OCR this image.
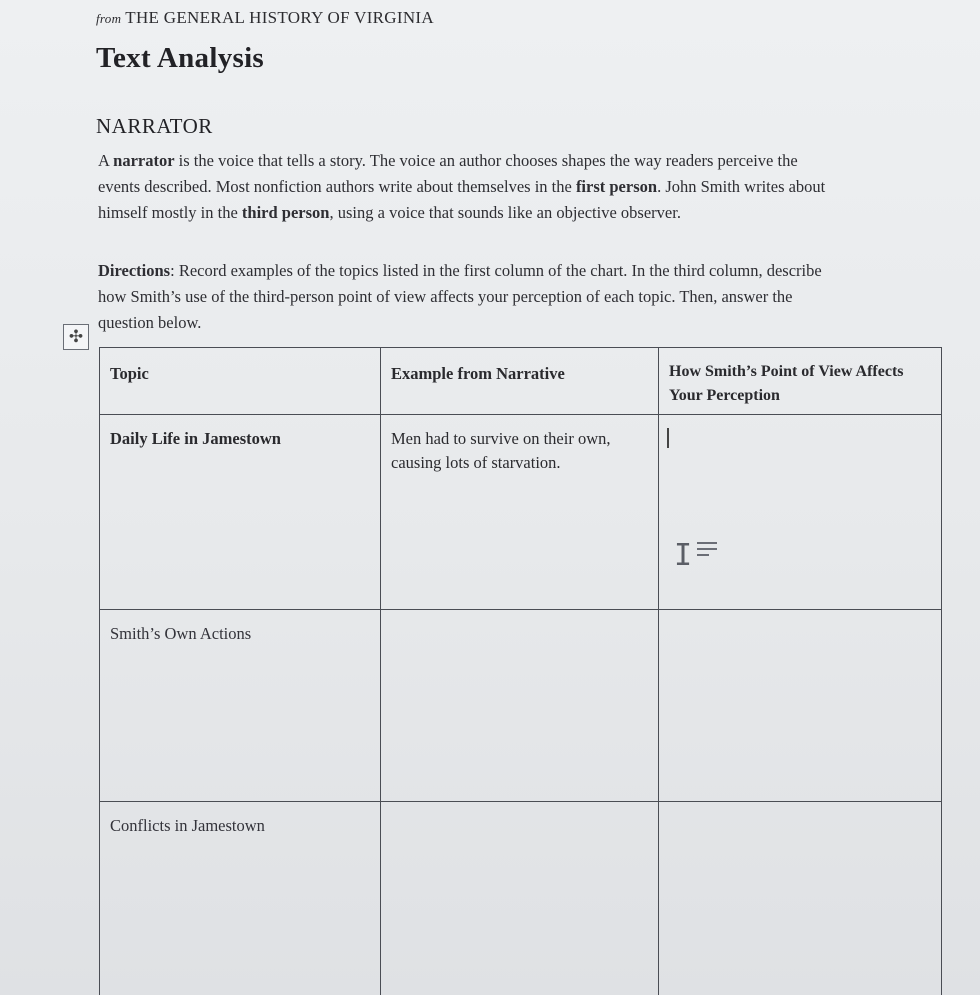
from THE GENERAL HISTORY OF VIRGINIA
Text Analysis
NARRATOR
A narrator is the voice that tells a story. The voice an author chooses shapes the way readers perceive the events described. Most nonfiction authors write about themselves in the first person. John Smith writes about himself mostly in the third person, using a voice that sounds like an objective observer.
Directions: Record examples of the topics listed in the first column of the chart. In the third column, describe how Smith’s use of the third-person point of view affects your perception of each topic. Then, answer the question below.
✣
Topic	Example from Narrative	How Smith’s Point of View Affects Your Perception
Daily Life in Jamestown	Men had to survive on their own, causing lots of starvation.	
Smith’s Own Actions		
Conflicts in Jamestown		
I
